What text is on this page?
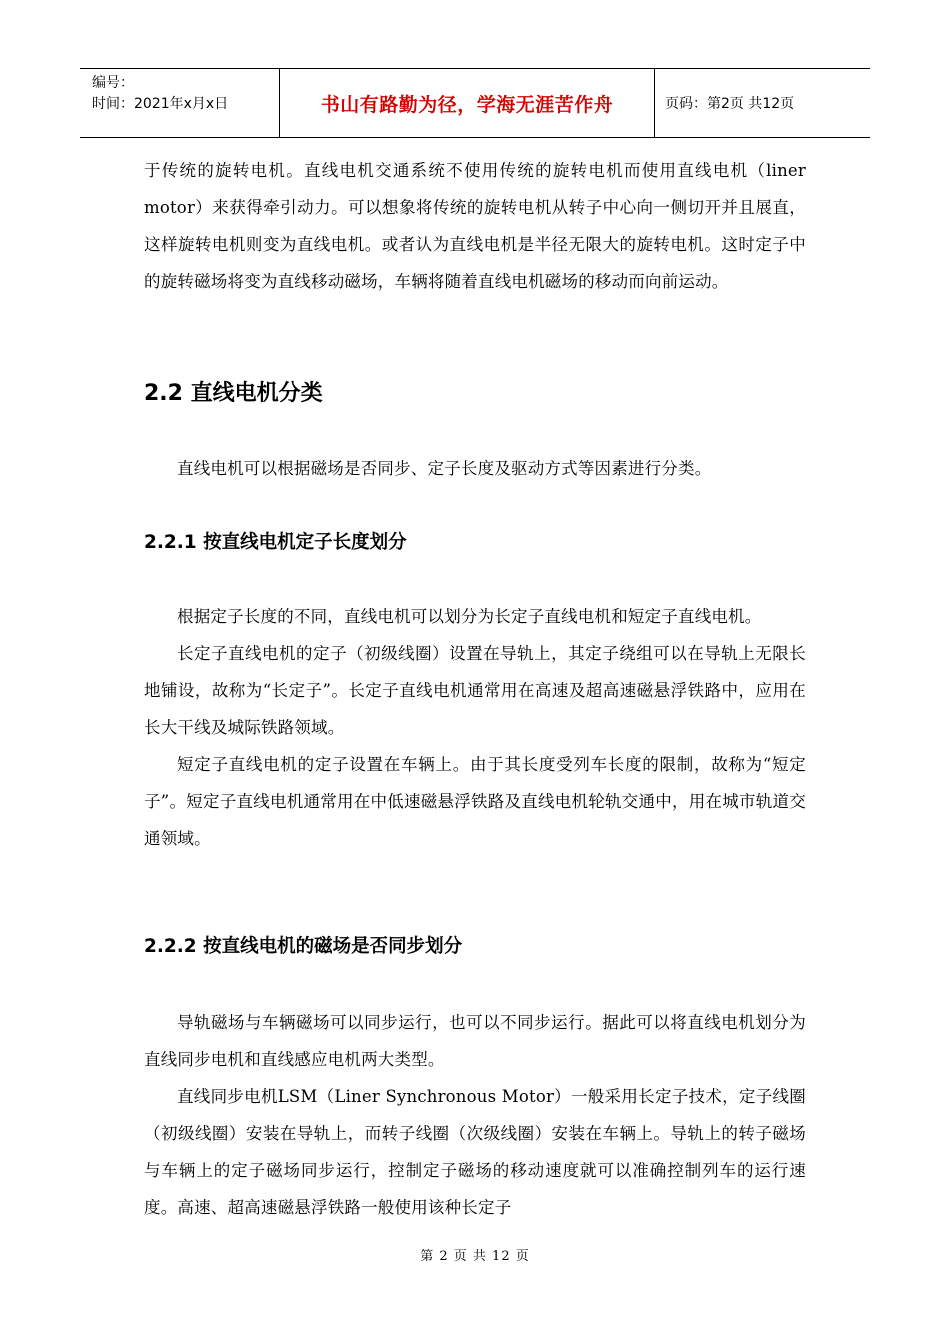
编号：
时间：2021年x月x日	书山有路勤为径，学海无涯苦作舟	页码：第2页 共12页

于传统的旋转电机。直线电机交通系统不使用传统的旋转电机而使用直线电机（liner motor）来获得牵引动力。可以想象将传统的旋转电机从转子中心向一侧切开并且展直，这样旋转电机则变为直线电机。或者认为直线电机是半径无限大的旋转电机。这时定子中的旋转磁场将变为直线移动磁场，车辆将随着直线电机磁场的移动而向前运动。

2.2 直线电机分类

直线电机可以根据磁场是否同步、定子长度及驱动方式等因素进行分类。

2.2.1 按直线电机定子长度划分

根据定子长度的不同，直线电机可以划分为长定子直线电机和短定子直线电机。

长定子直线电机的定子（初级线圈）设置在导轨上，其定子绕组可以在导轨上无限长地铺设，故称为“长定子”。长定子直线电机通常用在高速及超高速磁悬浮铁路中，应用在长大干线及城际铁路领域。

短定子直线电机的定子设置在车辆上。由于其长度受列车长度的限制，故称为“短定子”。短定子直线电机通常用在中低速磁悬浮铁路及直线电机轮轨交通中，用在城市轨道交通领域。

2.2.2 按直线电机的磁场是否同步划分

导轨磁场与车辆磁场可以同步运行，也可以不同步运行。据此可以将直线电机划分为直线同步电机和直线感应电机两大类型。

直线同步电机LSM（Liner Synchronous Motor）一般采用长定子技术，定子线圈（初级线圈）安装在导轨上，而转子线圈（次级线圈）安装在车辆上。导轨上的转子磁场与车辆上的定子磁场同步运行，控制定子磁场的移动速度就可以准确控制列车的运行速度。高速、超高速磁悬浮铁路一般使用该种长定子

第 2 页 共 12 页
